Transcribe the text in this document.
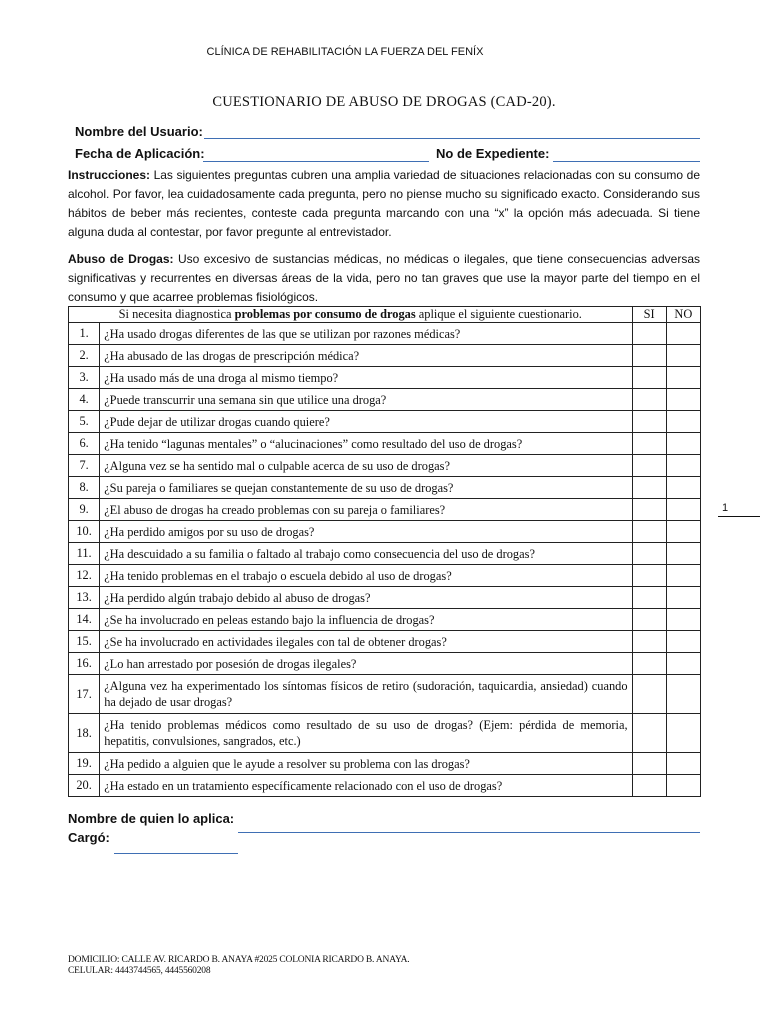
CLÍNICA DE REHABILITACIÓN LA FUERZA DEL FENÍX
CUESTIONARIO DE ABUSO DE DROGAS (CAD-20).
Nombre del Usuario:
Fecha de Aplicación:	No de Expediente:
Instrucciones: Las siguientes preguntas cubren una amplia variedad de situaciones relacionadas con su consumo de alcohol. Por favor, lea cuidadosamente cada pregunta, pero no piense mucho su significado exacto. Considerando sus hábitos de beber más recientes, conteste cada pregunta marcando con una “x” la opción más adecuada. Si tiene alguna duda al contestar, por favor pregunte al entrevistador.
Abuso de Drogas: Uso excesivo de sustancias médicas, no médicas o ilegales, que tiene consecuencias adversas significativas y recurrentes en diversas áreas de la vida, pero no tan graves que use la mayor parte del tiempo en el consumo y que acarree problemas fisiológicos.
Si necesita diagnostica problemas por consumo de drogas aplique el siguiente cuestionario.		SI	NO
1.	¿Ha usado drogas diferentes de las que se utilizan por razones médicas?		
2.	¿Ha abusado de las drogas de prescripción médica?		
3.	¿Ha usado más de una droga al mismo tiempo?		
4.	¿Puede transcurrir una semana sin que utilice una droga?		
5.	¿Pude dejar de utilizar drogas cuando quiere?		
6.	¿Ha tenido “lagunas mentales” o “alucinaciones” como resultado del uso de drogas?		
7.	¿Alguna vez se ha sentido mal o culpable acerca de su uso de drogas?		
8.	¿Su pareja o familiares se quejan constantemente de su uso de drogas?		
9.	¿El abuso de drogas ha creado problemas con su pareja o familiares?		
10.	¿Ha perdido amigos por su uso de drogas?		
11.	¿Ha descuidado a su familia o faltado al trabajo como consecuencia del uso de drogas?		
12.	¿Ha tenido problemas en el trabajo o escuela debido al uso de drogas?		
13.	¿Ha perdido algún trabajo debido al abuso de drogas?		
14.	¿Se ha involucrado en peleas estando bajo la influencia de drogas?		
15.	¿Se ha involucrado en actividades ilegales con tal de obtener drogas?		
16.	¿Lo han arrestado por posesión de drogas ilegales?		
17.	¿Alguna vez ha experimentado los síntomas físicos de retiro (sudoración, taquicardia, ansiedad) cuando ha dejado de usar drogas?		
18.	¿Ha tenido problemas médicos como resultado de su uso de drogas? (Ejem: pérdida de memoria, hepatitis, convulsiones, sangrados, etc.)		
19.	¿Ha pedido a alguien que le ayude a resolver su problema con las drogas?		
20.	¿Ha estado en un tratamiento específicamente relacionado con el uso de drogas?		
1
Nombre de quien lo aplica:
Cargó:
DOMICILIO: CALLE AV. RICARDO B. ANAYA #2025 COLONIA RICARDO B. ANAYA.
CELULAR: 4443744565, 4445560208
